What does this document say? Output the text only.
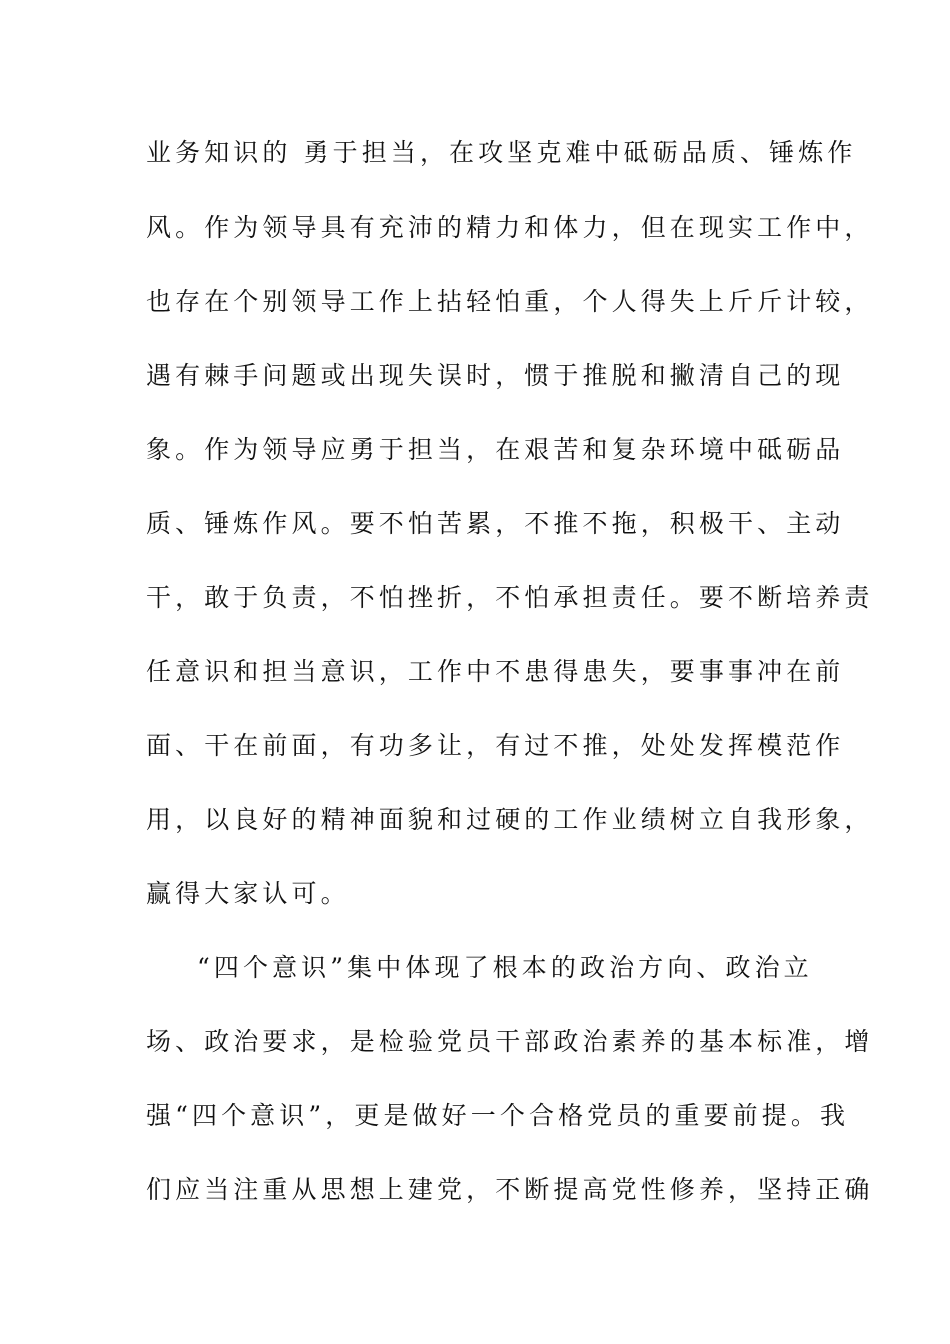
业务知识的 勇于担当，在攻坚克难中砥砺品质、锤炼作
风。作为领导具有充沛的精力和体力，但在现实工作中，
也存在个别领导工作上拈轻怕重，个人得失上斤斤计较，
遇有棘手问题或出现失误时，惯于推脱和撇清自己的现
象。作为领导应勇于担当，在艰苦和复杂环境中砥砺品
质、锤炼作风。要不怕苦累，不推不拖，积极干、主动
干，敢于负责，不怕挫折，不怕承担责任。要不断培养责
任意识和担当意识，工作中不患得患失，要事事冲在前
面、干在前面，有功多让，有过不推，处处发挥模范作
用，以良好的精神面貌和过硬的工作业绩树立自我形象，
赢得大家认可。
“四个意识”集中体现了根本的政治方向、政治立
场、政治要求，是检验党员干部政治素养的基本标准，增
强“四个意识”，更是做好一个合格党员的重要前提。我
们应当注重从思想上建党，不断提高党性修养，坚持正确
